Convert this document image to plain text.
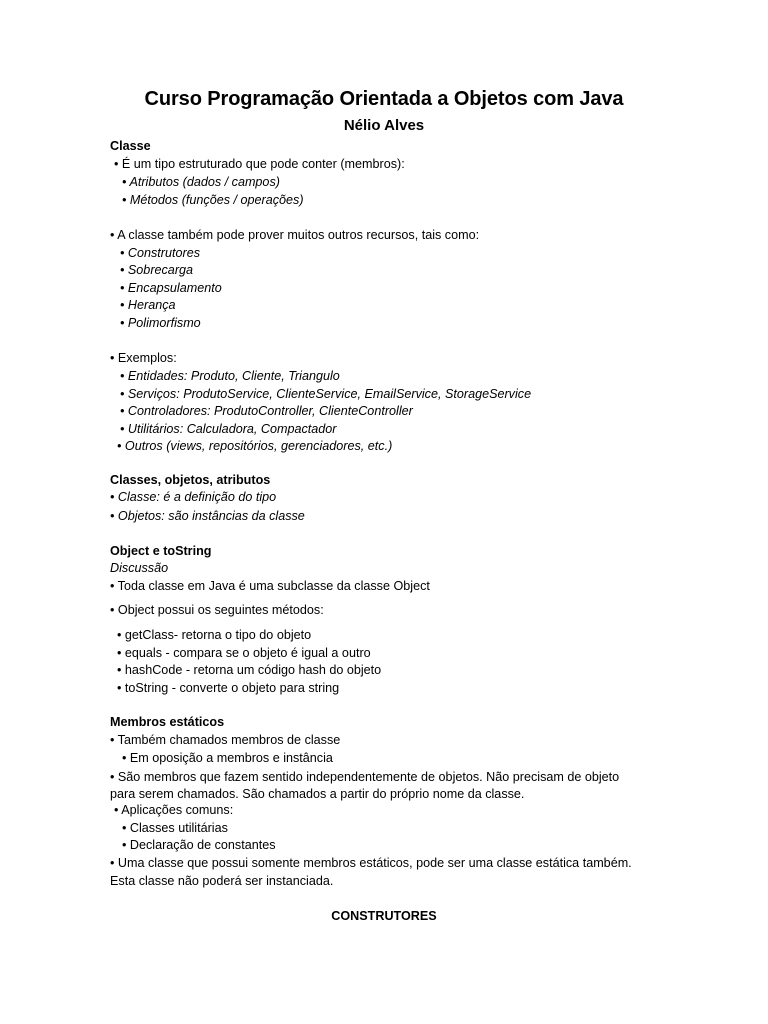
Curso Programação Orientada a Objetos com Java
Nélio Alves
Classe
• É um tipo estruturado que pode conter (membros):
• Atributos (dados / campos)
• Métodos (funções / operações)
• A classe também pode prover muitos outros recursos, tais como:
• Construtores
• Sobrecarga
• Encapsulamento
• Herança
• Polimorfismo
• Exemplos:
• Entidades: Produto, Cliente, Triangulo
• Serviços: ProdutoService, ClienteService, EmailService, StorageService
• Controladores: ProdutoController, ClienteController
• Utilitários: Calculadora, Compactador
• Outros (views, repositórios, gerenciadores, etc.)
Classes, objetos, atributos
• Classe: é a definição do tipo
• Objetos: são instâncias da classe
Object e toString
Discussão
• Toda classe em Java é uma subclasse da classe Object
• Object possui os seguintes métodos:
• getClass- retorna o tipo do objeto
• equals - compara se o objeto é igual a outro
• hashCode - retorna um código hash do objeto
• toString - converte o objeto para string
Membros estáticos
• Também chamados membros de classe
• Em oposição a membros e instância
• São membros que fazem sentido independentemente de objetos. Não precisam de objeto
para serem chamados. São chamados a partir do próprio nome da classe.
• Aplicações comuns:
• Classes utilitárias
• Declaração de constantes
• Uma classe que possui somente membros estáticos, pode ser uma classe estática também.
Esta classe não poderá ser instanciada.
CONSTRUTORES
